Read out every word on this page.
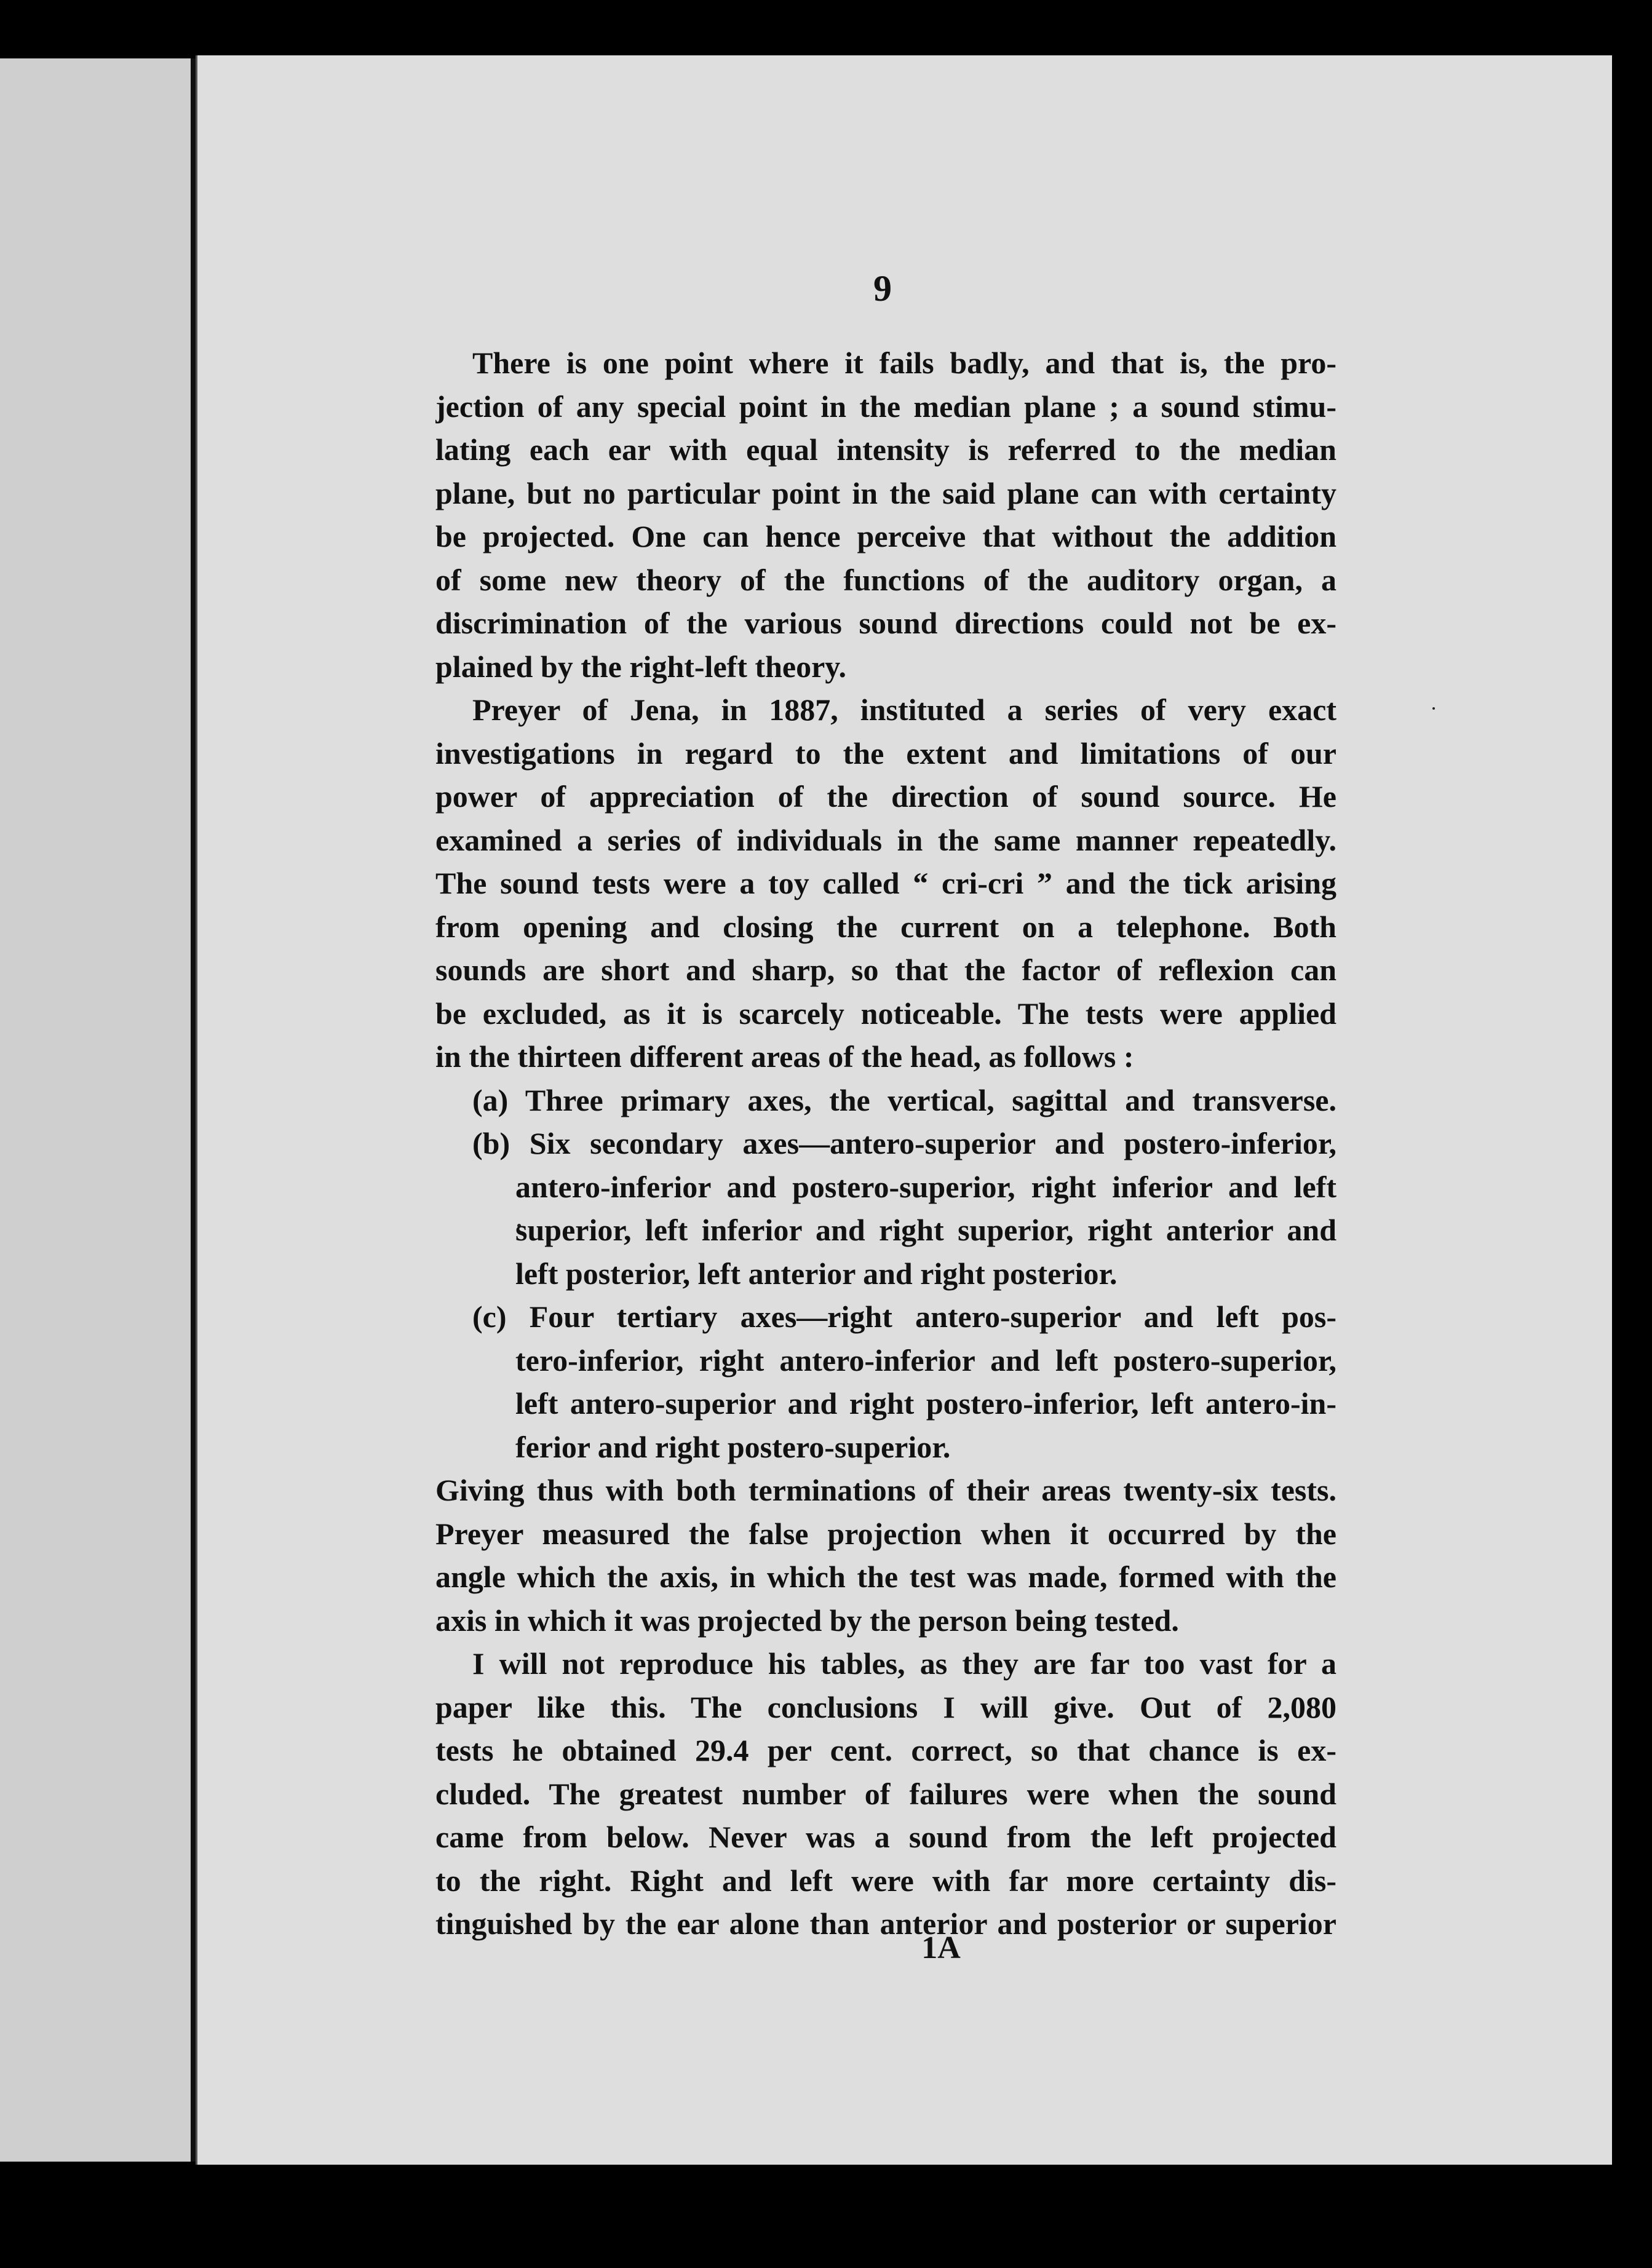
9
There is one point where it fails badly, and that is, the pro-
jection of any special point in the median plane ; a sound stimu-
lating each ear with equal intensity is referred to the median
plane, but no particular point in the said plane can with certainty
be projected. One can hence perceive that without the addition
of some new theory of the functions of the auditory organ, a
discrimination of the various sound directions could not be ex-
plained by the right-left theory.
Preyer of Jena, in 1887, instituted a series of very exact
investigations in regard to the extent and limitations of our
power of appreciation of the direction of sound source. He
examined a series of individuals in the same manner repeatedly.
The sound tests were a toy called “ cri-cri ” and the tick arising
from opening and closing the current on a telephone. Both
sounds are short and sharp, so that the factor of reflexion can
be excluded, as it is scarcely noticeable. The tests were applied
in the thirteen different areas of the head, as follows :
(a) Three primary axes, the vertical, sagittal and transverse.
(b) Six secondary axes—antero-superior and postero-inferior,
antero-inferior and postero-superior, right inferior and left
superior, left inferior and right superior, right anterior and
left posterior, left anterior and right posterior.
(c) Four tertiary axes—right antero-superior and left pos-
tero-inferior, right antero-inferior and left postero-superior,
left antero-superior and right postero-inferior, left antero-in-
ferior and right postero-superior.
Giving thus with both terminations of their areas twenty-six tests.
Preyer measured the false projection when it occurred by the
angle which the axis, in which the test was made, formed with the
axis in which it was projected by the person being tested.
I will not reproduce his tables, as they are far too vast for a
paper like this. The conclusions I will give. Out of 2,080
tests he obtained 29.4 per cent. correct, so that chance is ex-
cluded. The greatest number of failures were when the sound
came from below. Never was a sound from the left projected
to the right. Right and left were with far more certainty dis-
tinguished by the ear alone than anterior and posterior or superior
1A
